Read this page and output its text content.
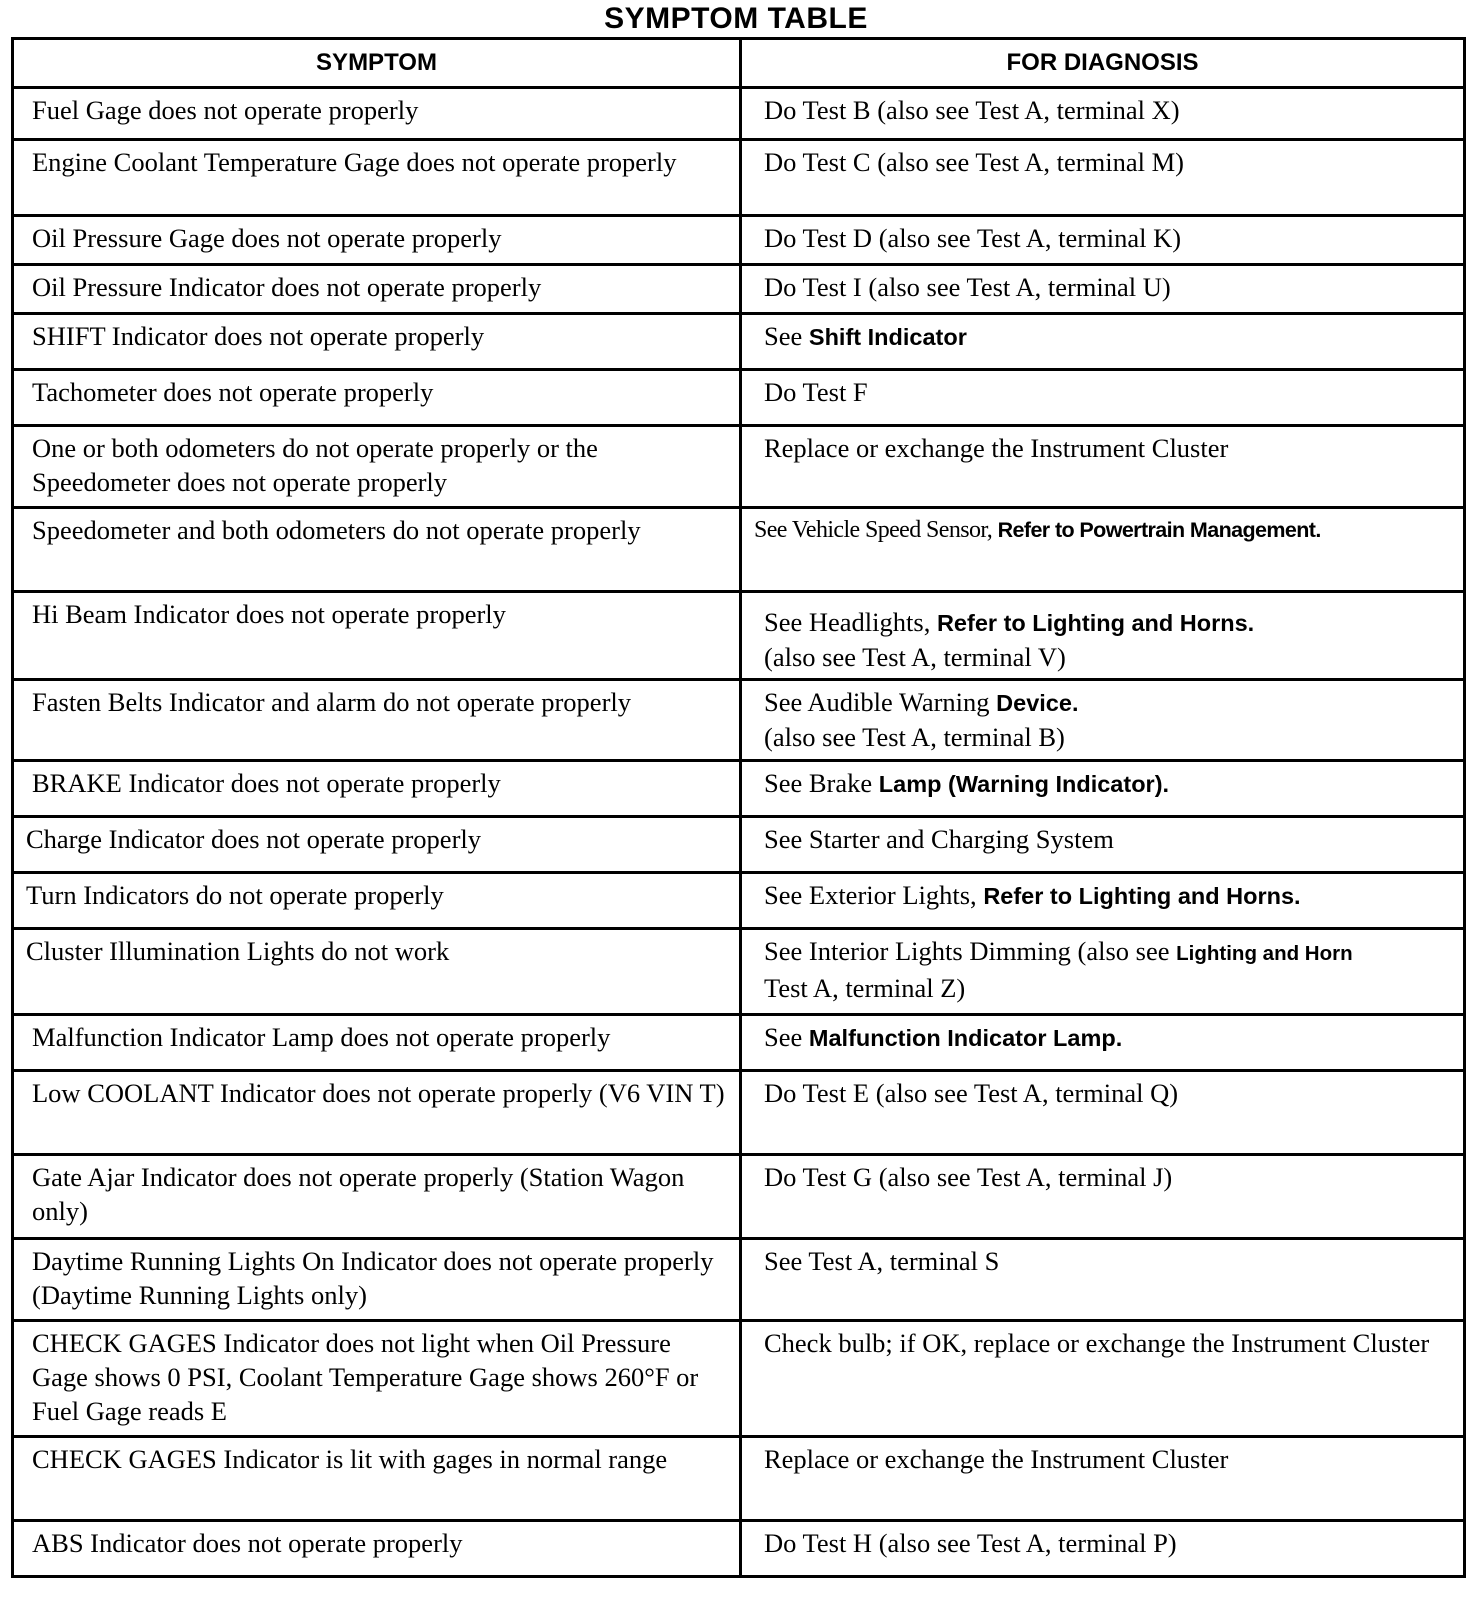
SYMPTOM TABLE
SYMPTOM	FOR DIAGNOSIS
Fuel Gage does not operate properly	Do Test B (also see Test A, terminal X)
Engine Coolant Temperature Gage does not operate properly	Do Test C (also see Test A, terminal M)
Oil Pressure Gage does not operate properly	Do Test D (also see Test A, terminal K)
Oil Pressure Indicator does not operate properly	Do Test I (also see Test A, terminal U)
SHIFT Indicator does not operate properly	See Shift Indicator
Tachometer does not operate properly	Do Test F
One or both odometers do not operate properly or the Speedometer does not operate properly	Replace or exchange the Instrument Cluster
Speedometer and both odometers do not operate properly	See Vehicle Speed Sensor, Refer to Powertrain Management.
Hi Beam Indicator does not operate properly	See Headlights, Refer to Lighting and Horns.
(also see Test A, terminal V)
Fasten Belts Indicator and alarm do not operate properly	See Audible Warning Device.
(also see Test A, terminal B)
BRAKE Indicator does not operate properly	See Brake Lamp (Warning Indicator).
Charge Indicator does not operate properly	See Starter and Charging System
Turn Indicators do not operate properly	See Exterior Lights, Refer to Lighting and Horns.
Cluster Illumination Lights do not work	See Interior Lights Dimming (also see Lighting and Horn
Test A, terminal Z)
Malfunction Indicator Lamp does not operate properly	See Malfunction Indicator Lamp.
Low COOLANT Indicator does not operate properly (V6 VIN T)	Do Test E (also see Test A, terminal Q)
Gate Ajar Indicator does not operate properly (Station Wagon only)	Do Test G (also see Test A, terminal J)
Daytime Running Lights On Indicator does not operate properly (Daytime Running Lights only)	See Test A, terminal S
CHECK GAGES Indicator does not light when Oil Pressure Gage shows 0 PSI, Coolant Temperature Gage shows 260°F or Fuel Gage reads E	Check bulb; if OK, replace or exchange the Instrument Cluster
CHECK GAGES Indicator is lit with gages in normal range	Replace or exchange the Instrument Cluster
ABS Indicator does not operate properly	Do Test H (also see Test A, terminal P)
